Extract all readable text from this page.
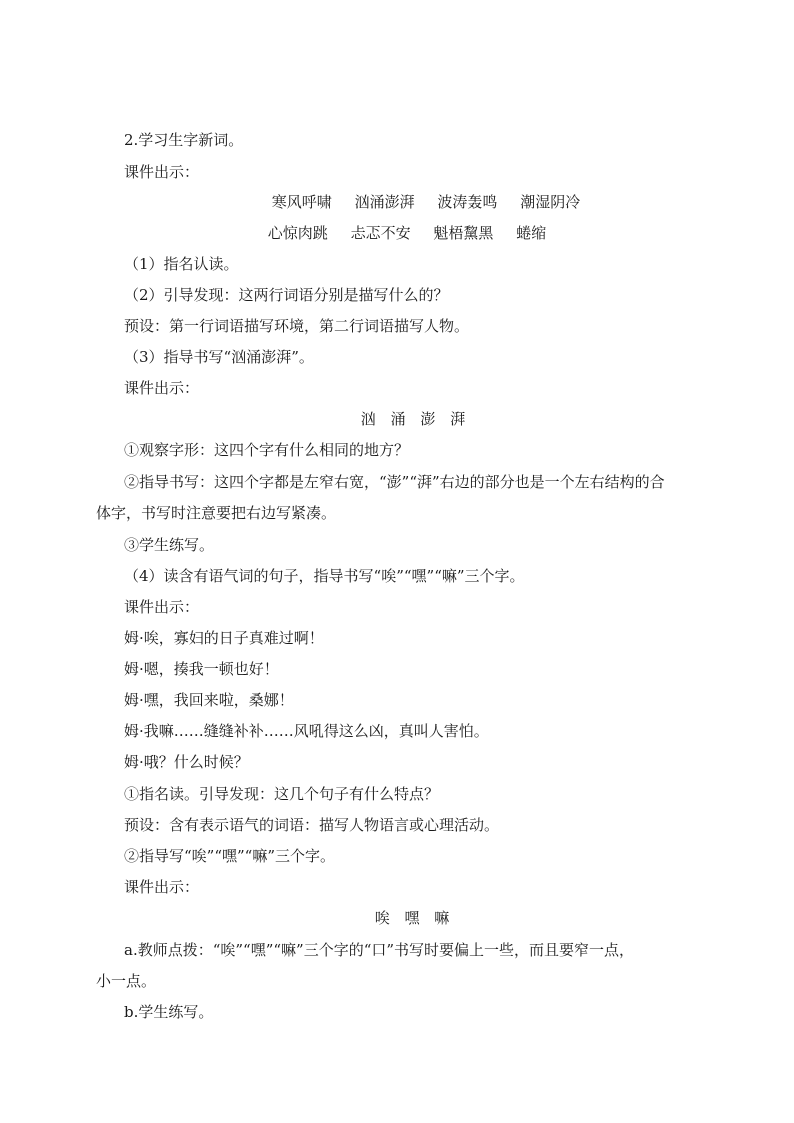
2.学习生字新词。
课件出示：
寒风呼啸 汹涌澎湃 波涛轰鸣 潮湿阴冷
心惊肉跳 忐忑不安 魁梧黧黑 蜷缩
（1）指名认读。
（2）引导发现：这两行词语分别是描写什么的？
预设：第一行词语描写环境，第二行词语描写人物。
（3）指导书写“汹涌澎湃”。
课件出示：
汹 涌 澎 湃
①观察字形：这四个字有什么相同的地方？
②指导书写：这四个字都是左窄右宽，“澎”“湃”右边的部分也是一个左右结构的合
体字，书写时注意要把右边写紧凑。
③学生练写。
（4）读含有语气词的句子，指导书写“唉”“嘿”“嘛”三个字。
课件出示：
姆·唉，寡妇的日子真难过啊！
姆·嗯，揍我一顿也好！
姆·嘿，我回来啦，桑娜！
姆·我嘛……缝缝补补……风吼得这么凶，真叫人害怕。
姆·哦？什么时候？
①指名读。引导发现：这几个句子有什么特点？
预设：含有表示语气的词语：描写人物语言或心理活动。
②指导写“唉”“嘿”“嘛”三个字。
课件出示：
唉 嘿 嘛
a.教师点拨：“唉”“嘿”“嘛”三个字的“口”书写时要偏上一些，而且要窄一点，
小一点。
b.学生练写。
